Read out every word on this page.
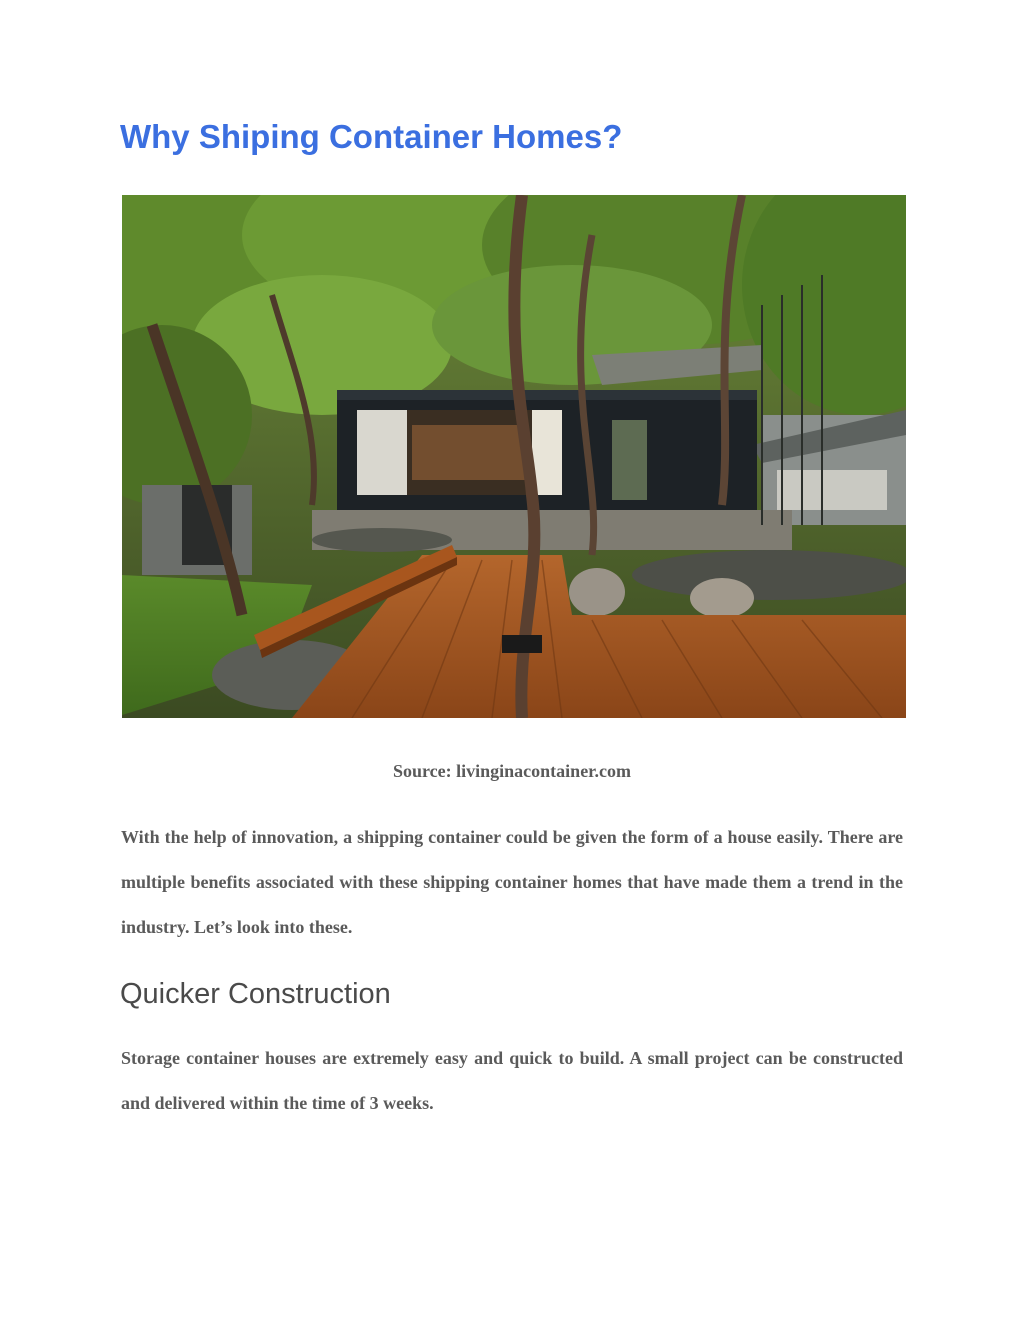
Why Shiping Container Homes?

Source: livinginacontainer.com

With the help of innovation, a shipping container could be given the form of a house easily. There are multiple benefits associated with these shipping container homes that have made them a trend in the industry. Let’s look into these.

Quicker Construction

Storage container houses are extremely easy and quick to build. A small project can be constructed and delivered within the time of 3 weeks.
